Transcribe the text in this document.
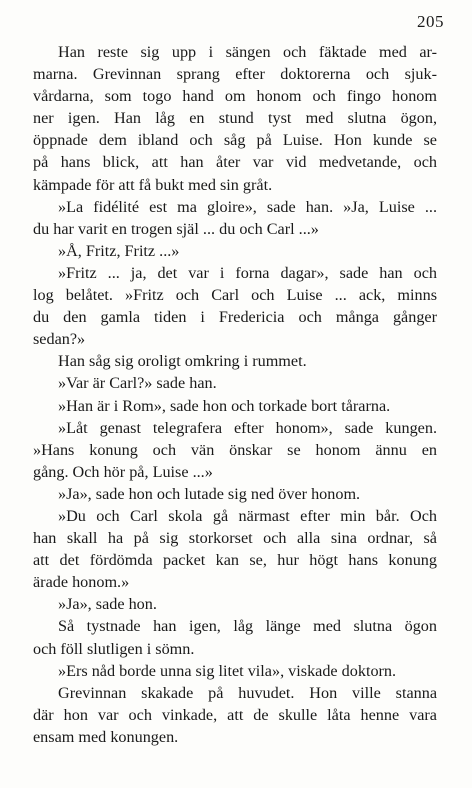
205
Han reste sig upp i sängen och fäktade med ar-
marna. Grevinnan sprang efter doktorerna och sjuk-
vårdarna, som togo hand om honom och fingo honom
ner igen. Han låg en stund tyst med slutna ögon,
öppnade dem ibland och såg på Luise. Hon kunde se
på hans blick, att han åter var vid medvetande, och
kämpade för att få bukt med sin gråt.
»La fidélité est ma gloire», sade han. »Ja, Luise ...
du har varit en trogen själ ... du och Carl ...»
»Å, Fritz, Fritz ...»
»Fritz ... ja, det var i forna dagar», sade han och
log belåtet. »Fritz och Carl och Luise ... ack, minns
du den gamla tiden i Fredericia och många gånger
sedan?»
Han såg sig oroligt omkring i rummet.
»Var är Carl?» sade han.
»Han är i Rom», sade hon och torkade bort tårarna.
»Låt genast telegrafera efter honom», sade kungen.
»Hans konung och vän önskar se honom ännu en
gång. Och hör på, Luise ...»
»Ja», sade hon och lutade sig ned över honom.
»Du och Carl skola gå närmast efter min bår. Och
han skall ha på sig storkorset och alla sina ordnar, så
att det fördömda packet kan se, hur högt hans konung
ärade honom.»
»Ja», sade hon.
Så tystnade han igen, låg länge med slutna ögon
och föll slutligen i sömn.
»Ers nåd borde unna sig litet vila», viskade doktorn.
Grevinnan skakade på huvudet. Hon ville stanna
där hon var och vinkade, att de skulle låta henne vara
ensam med konungen.
